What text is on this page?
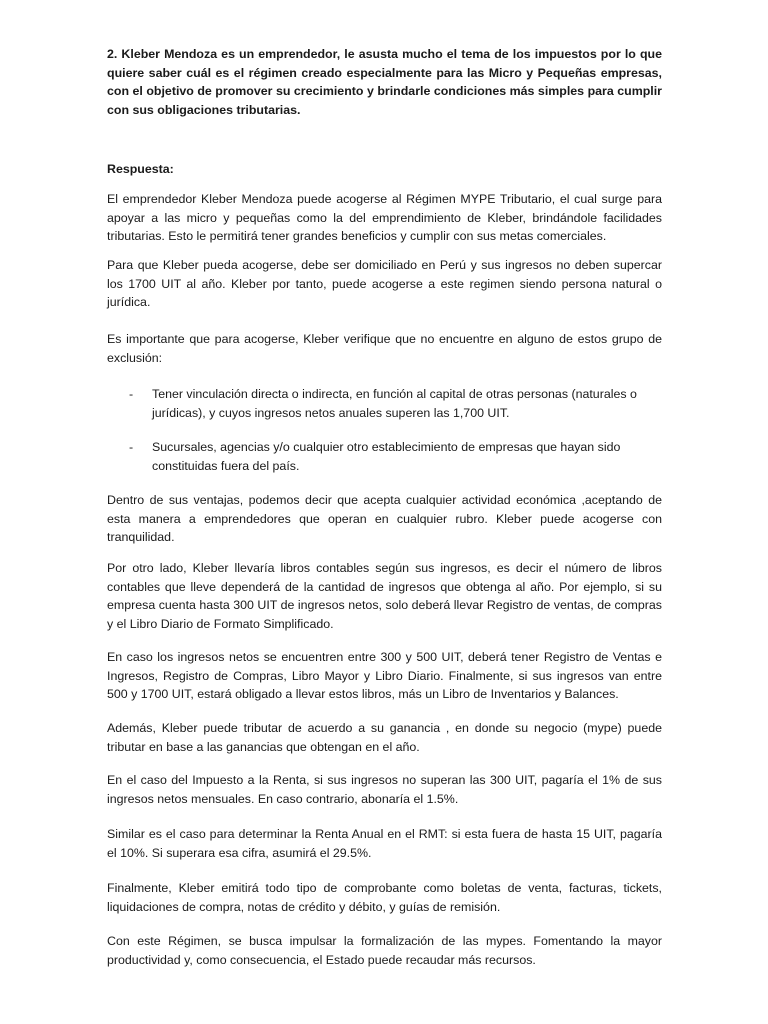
2. Kleber Mendoza es un emprendedor, le asusta mucho el tema de los impuestos por lo que quiere saber cuál es el régimen creado especialmente para las Micro y Pequeñas empresas, con el objetivo de promover su crecimiento y brindarle condiciones más simples para cumplir con sus obligaciones tributarias.

Respuesta:

El emprendedor Kleber Mendoza puede acogerse al Régimen MYPE Tributario, el cual surge para apoyar a las micro y pequeñas como la del emprendimiento de Kleber, brindándole facilidades tributarias. Esto le permitirá tener grandes beneficios y cumplir con sus metas comerciales.

Para que Kleber pueda acogerse, debe ser domiciliado en Perú y sus ingresos no deben supercar los 1700 UIT al año. Kleber por tanto, puede acogerse a este regimen siendo persona natural o jurídica.

Es importante que para acogerse, Kleber verifique que no encuentre en alguno de estos grupo de exclusión:

- Tener vinculación directa o indirecta, en función al capital de otras personas (naturales o jurídicas), y cuyos ingresos netos anuales superen las 1,700 UIT.
- Sucursales, agencias y/o cualquier otro establecimiento de empresas que hayan sido constituidas fuera del país.

Dentro de sus ventajas, podemos decir que acepta cualquier actividad económica ,aceptando de esta manera a emprendedores que operan en cualquier rubro. Kleber puede acogerse con tranquilidad.

Por otro lado, Kleber llevaría libros contables según sus ingresos, es decir el número de libros contables que lleve dependerá de la cantidad de ingresos que obtenga al año. Por ejemplo, si su empresa cuenta hasta 300 UIT de ingresos netos, solo deberá llevar Registro de ventas, de compras y el Libro Diario de Formato Simplificado.

En caso los ingresos netos se encuentren entre 300 y 500 UIT, deberá tener Registro de Ventas e Ingresos, Registro de Compras, Libro Mayor y Libro Diario. Finalmente, si sus ingresos van entre 500 y 1700 UIT, estará obligado a llevar estos libros, más un Libro de Inventarios y Balances.

Además, Kleber puede tributar de acuerdo a su ganancia , en donde su negocio (mype) puede tributar en base a las ganancias que obtengan en el año.

En el caso del Impuesto a la Renta, si sus ingresos no superan las 300 UIT, pagaría el 1% de sus ingresos netos mensuales. En caso contrario, abonaría el 1.5%.

Similar es el caso para determinar la Renta Anual en el RMT: si esta fuera de hasta 15 UIT, pagaría el 10%. Si superara esa cifra, asumirá el 29.5%.

Finalmente, Kleber emitirá todo tipo de comprobante como boletas de venta, facturas, tickets, liquidaciones de compra, notas de crédito y débito, y guías de remisión.

Con este Régimen, se busca impulsar la formalización de las mypes. Fomentando la mayor productividad y, como consecuencia, el Estado puede recaudar más recursos.
